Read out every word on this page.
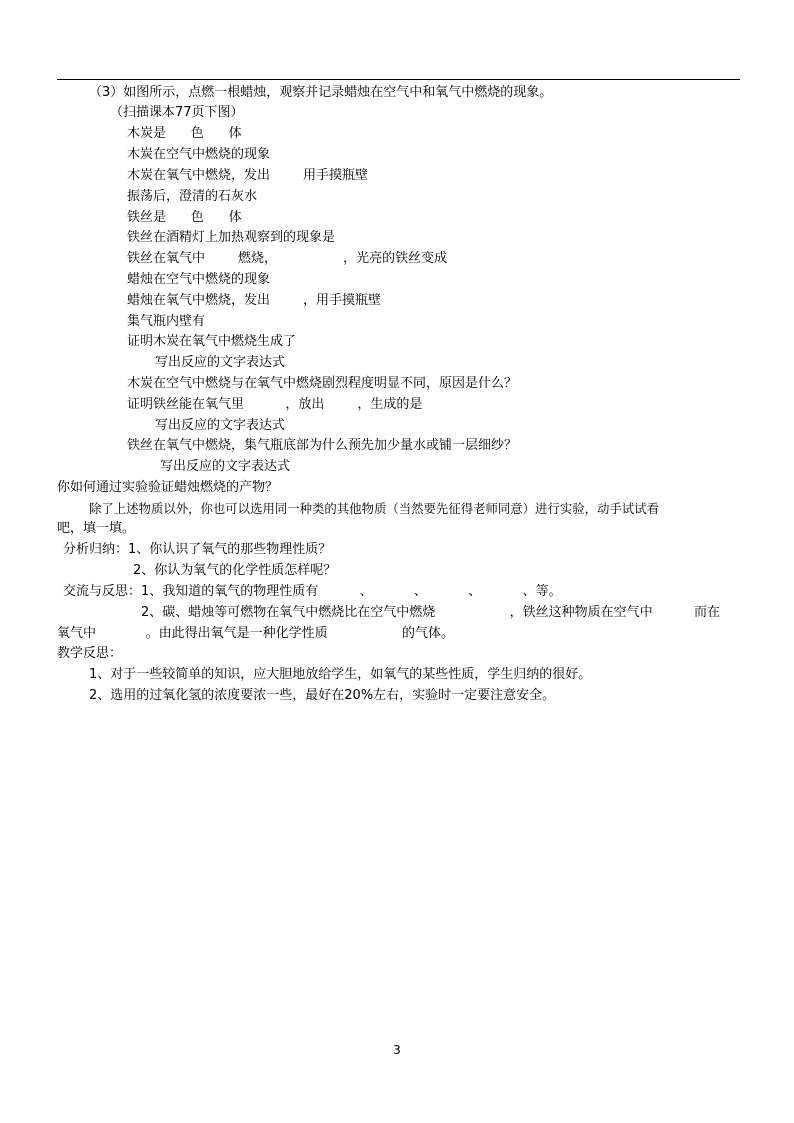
（3）如图所示，点燃一根蜡烛，观察并记录蜡烛在空气中和氧气中燃烧的现象。
（扫描课本77页下图）
木炭是      色      体
木炭在空气中燃烧的现象
木炭在氧气中燃烧，发出        用手摸瓶壁
振荡后，澄清的石灰水
铁丝是      色      体
铁丝在酒精灯上加热观察到的现象是
铁丝在氧气中        燃烧，                ，光亮的铁丝变成
蜡烛在空气中燃烧的现象
蜡烛在氧气中燃烧，发出        ，用手摸瓶壁
集气瓶内壁有
证明木炭在氧气中燃烧生成了
写出反应的文字表达式
木炭在空气中燃烧与在氧气中燃烧剧烈程度明显不同，原因是什么？
证明铁丝能在氧气里          ，放出        ，生成的是
写出反应的文字表达式
铁丝在氧气中燃烧，集气瓶底部为什么预先加少量水或铺一层细纱？
写出反应的文字表达式
你如何通过实验验证蜡烛燃烧的产物？
除了上述物质以外，你也可以选用同一种类的其他物质（当然要先征得老师同意）进行实验，动手试试看
吧，填一填。
分析归纳：1、你认识了氧气的那些物理性质？
2、你认为氧气的化学性质怎样呢？
交流与反思：1、我知道的氧气的物理性质有          、          、          、          、等。
2、碳、蜡烛等可燃物在氧气中燃烧比在空气中燃烧                  ，铁丝这种物质在空气中          而在
氧气中            。由此得出氧气是一种化学性质                  的气体。
教学反思：
1、对于一些较简单的知识，应大胆地放给学生，如氧气的某些性质，学生归纳的很好。
2、选用的过氧化氢的浓度要浓一些，最好在20%左右，实验时一定要注意安全。
3
